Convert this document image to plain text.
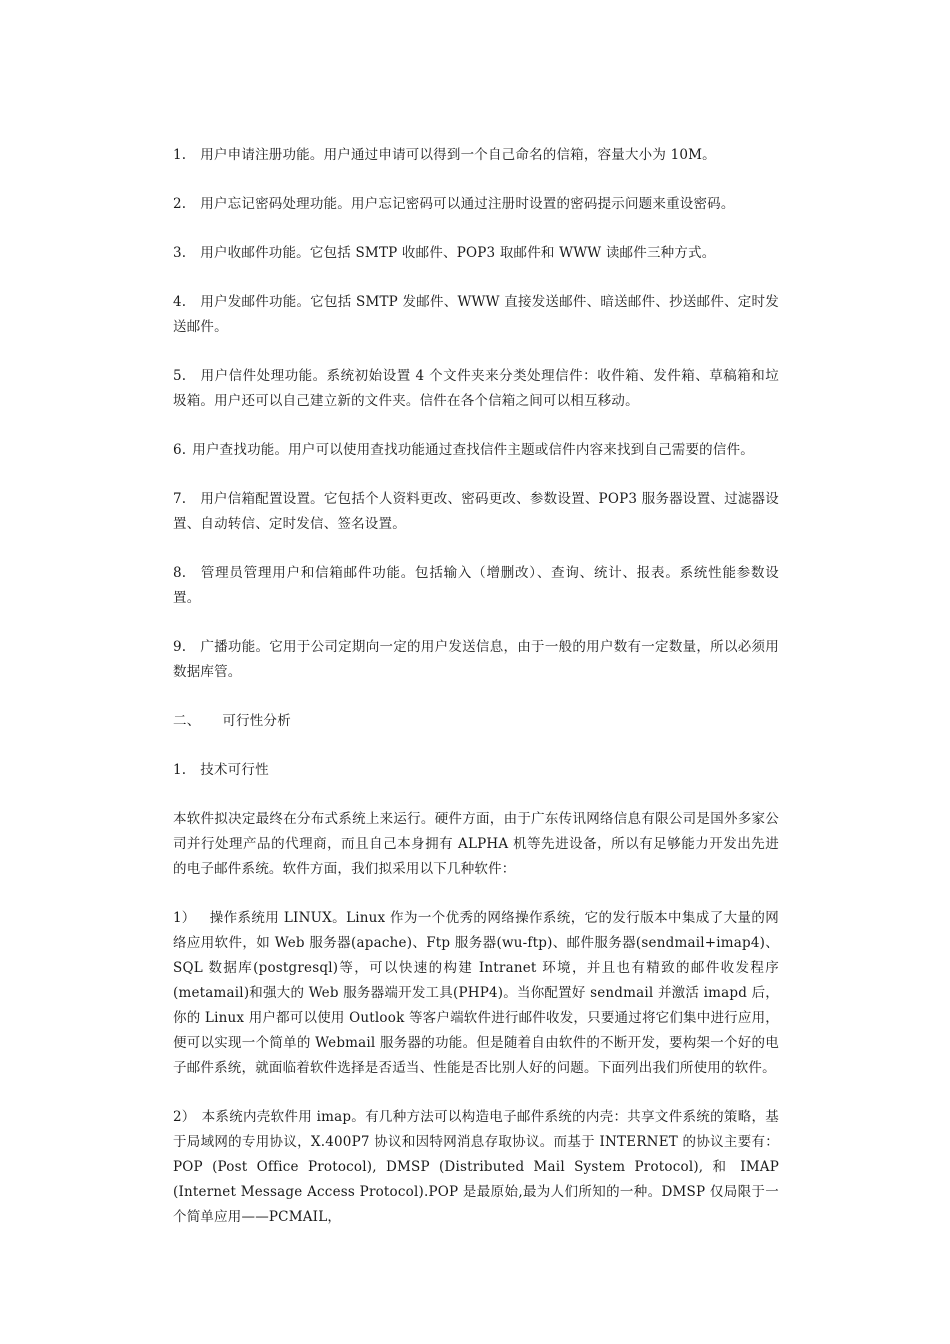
1. 用户申请注册功能。用户通过申请可以得到一个自己命名的信箱，容量大小为 10M。

2. 用户忘记密码处理功能。用户忘记密码可以通过注册时设置的密码提示问题来重设密码。

3. 用户收邮件功能。它包括 SMTP 收邮件、POP3 取邮件和 WWW 读邮件三种方式。

4. 用户发邮件功能。它包括 SMTP 发邮件、WWW 直接发送邮件、暗送邮件、抄送邮件、定时发送邮件。

5. 用户信件处理功能。系统初始设置 4 个文件夹来分类处理信件：收件箱、发件箱、草稿箱和垃圾箱。用户还可以自己建立新的文件夹。信件在各个信箱之间可以相互移动。

6. 用户查找功能。用户可以使用查找功能通过查找信件主题或信件内容来找到自己需要的信件。

7. 用户信箱配置设置。它包括个人资料更改、密码更改、参数设置、POP3 服务器设置、过滤器设置、自动转信、定时发信、签名设置。

8. 管理员管理用户和信箱邮件功能。包括输入（增删改）、查询、统计、报表。系统性能参数设置。

9. 广播功能。它用于公司定期向一定的用户发送信息，由于一般的用户数有一定数量，所以必须用数据库管。

二、 可行性分析

1. 技术可行性

本软件拟决定最终在分布式系统上来运行。硬件方面，由于广东传讯网络信息有限公司是国外多家公司并行处理产品的代理商，而且自己本身拥有 ALPHA 机等先进设备，所以有足够能力开发出先进的电子邮件系统。软件方面，我们拟采用以下几种软件：

1） 操作系统用 LINUX。Linux 作为一个优秀的网络操作系统，它的发行版本中集成了大量的网络应用软件，如 Web 服务器(apache)、Ftp 服务器(wu-ftp)、邮件服务器(sendmail+imap4)、SQL 数据库(postgresql)等，可以快速的构建 Intranet 环境，并且也有精致的邮件收发程序(metamail)和强大的 Web 服务器端开发工具(PHP4)。当你配置好 sendmail 并激活 imapd 后，你的 Linux 用户都可以使用 Outlook 等客户端软件进行邮件收发，只要通过将它们集中进行应用，便可以实现一个简单的 Webmail 服务器的功能。但是随着自由软件的不断开发，要构架一个好的电子邮件系统，就面临着软件选择是否适当、性能是否比别人好的问题。下面列出我们所使用的软件。

2） 本系统内壳软件用 imap。有几种方法可以构造电子邮件系统的内壳：共享文件系统的策略，基于局域网的专用协议，X.400P7 协议和因特网消息存取协议。而基于 INTERNET 的协议主要有：POP (Post Office Protocol), DMSP (Distributed Mail System Protocol), 和 IMAP (Internet Message Access Protocol).POP 是最原始,最为人们所知的一种。DMSP 仅局限于一个简单应用——PCMAIL，
